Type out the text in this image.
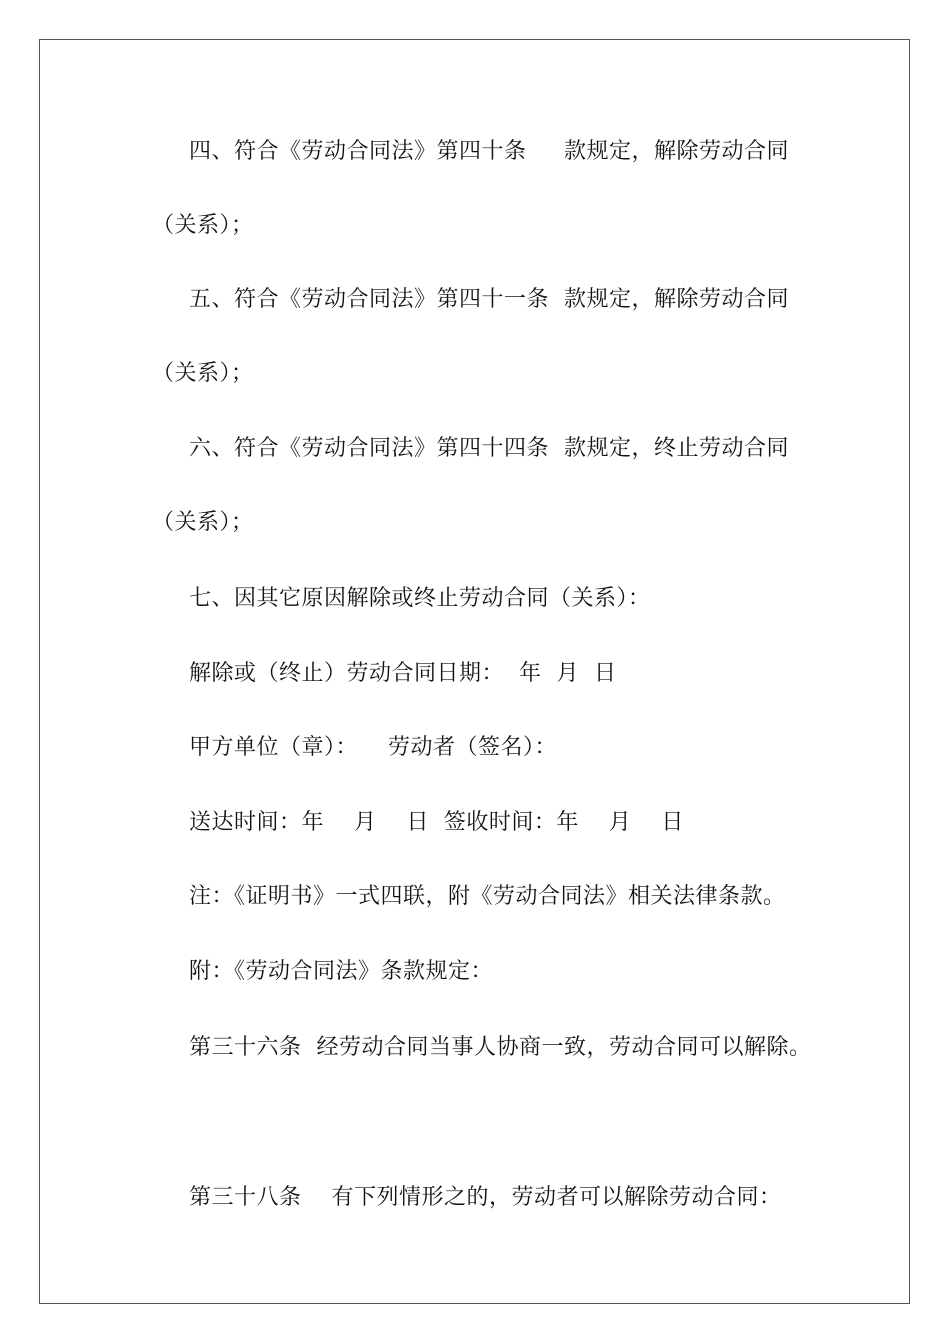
四、符合《劳动合同法》第四十条     款规定，解除劳动合同
（关系）；
五、符合《劳动合同法》第四十一条  款规定，解除劳动合同
（关系）；
六、符合《劳动合同法》第四十四条  款规定，终止劳动合同
（关系）；
七、因其它原因解除或终止劳动合同（关系）：
解除或（终止）劳动合同日期：  年  月  日
甲方单位（章）：    劳动者（签名）：
送达时间：年    月    日  签收时间：年    月    日
注：《证明书》一式四联，附《劳动合同法》相关法律条款。
附：《劳动合同法》条款规定：
第三十六条  经劳动合同当事人协商一致，劳动合同可以解除。
第三十八条    有下列情形之的，劳动者可以解除劳动合同：
